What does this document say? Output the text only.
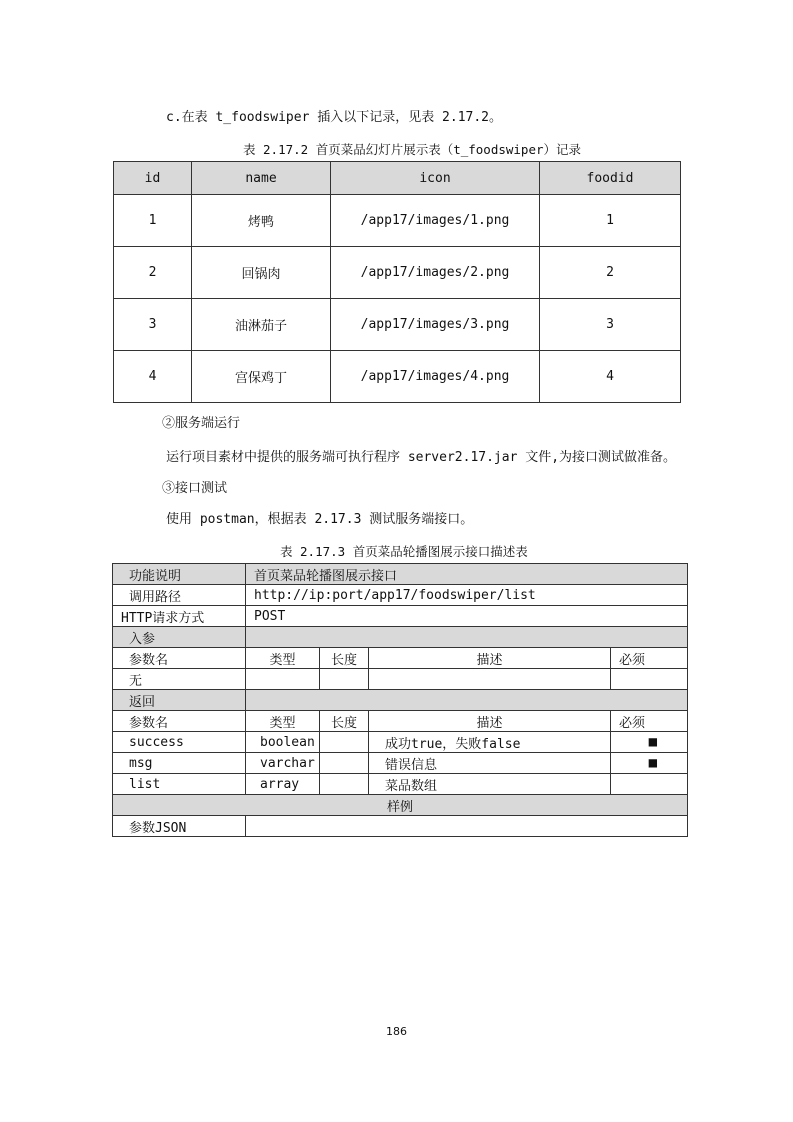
c.在表 t_foodswiper 插入以下记录，见表 2.17.2。
表 2.17.2 首页菜品幻灯片展示表（t_foodswiper）记录
id	name	icon	foodid
1	烤鸭	/app17/images/1.png	1
2	回锅肉	/app17/images/2.png	2
3	油淋茄子	/app17/images/3.png	3
4	宫保鸡丁	/app17/images/4.png	4
②服务端运行
运行项目素材中提供的服务端可执行程序 server2.17.jar 文件,为接口测试做准备。
③接口测试
使用 postman，根据表 2.17.3 测试服务端接口。
表 2.17.3 首页菜品轮播图展示接口描述表
功能说明	首页菜品轮播图展示接口			
调用路径	http://ip:port/app17/foodswiper/list			
HTTP请求方式	POST			
入参				
参数名	类型	长度	描述	必须
无				
返回				
参数名	类型	长度	描述	必须
success	boolean		成功true，失败false	■
msg	varchar		错误信息	■
list	array		菜品数组	
样例				
参数JSON				
186
